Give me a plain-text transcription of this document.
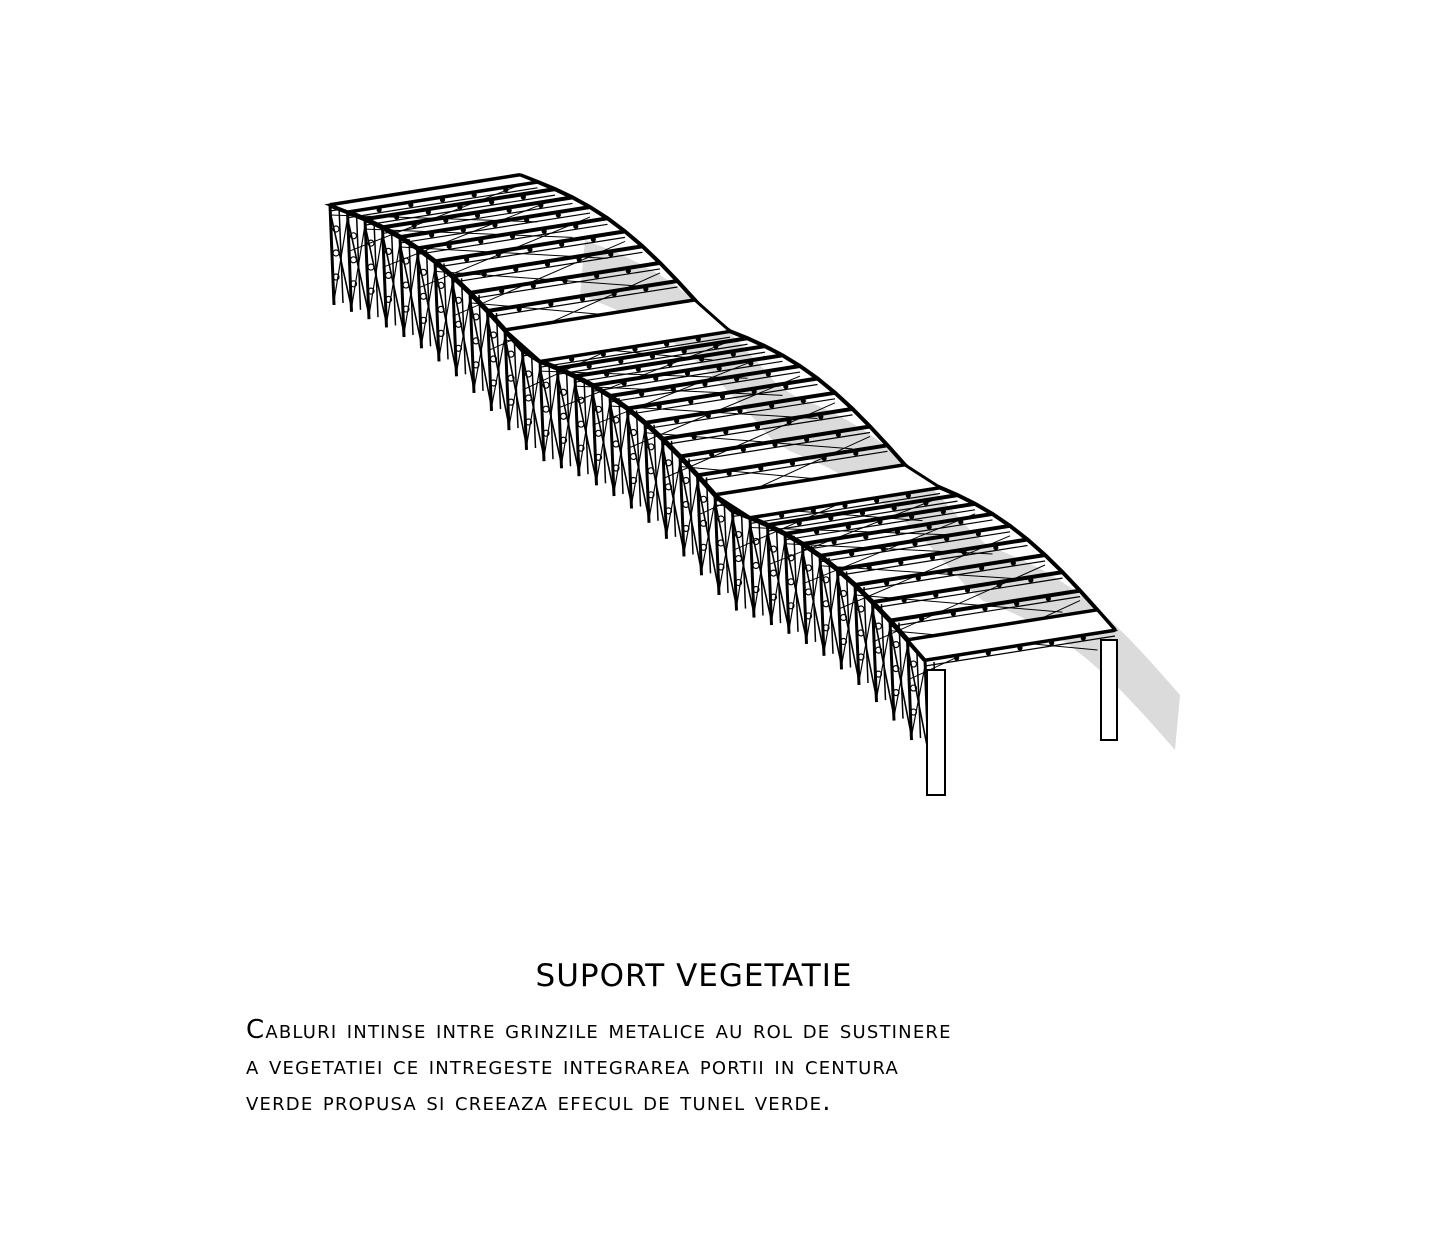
SUPORT VEGETATIE
Cabluri intinse intre grinzile metalice au rol de sustinere
a vegetatiei ce intregeste integrarea portii in centura
verde propusa si creeaza efecul de tunel verde.
